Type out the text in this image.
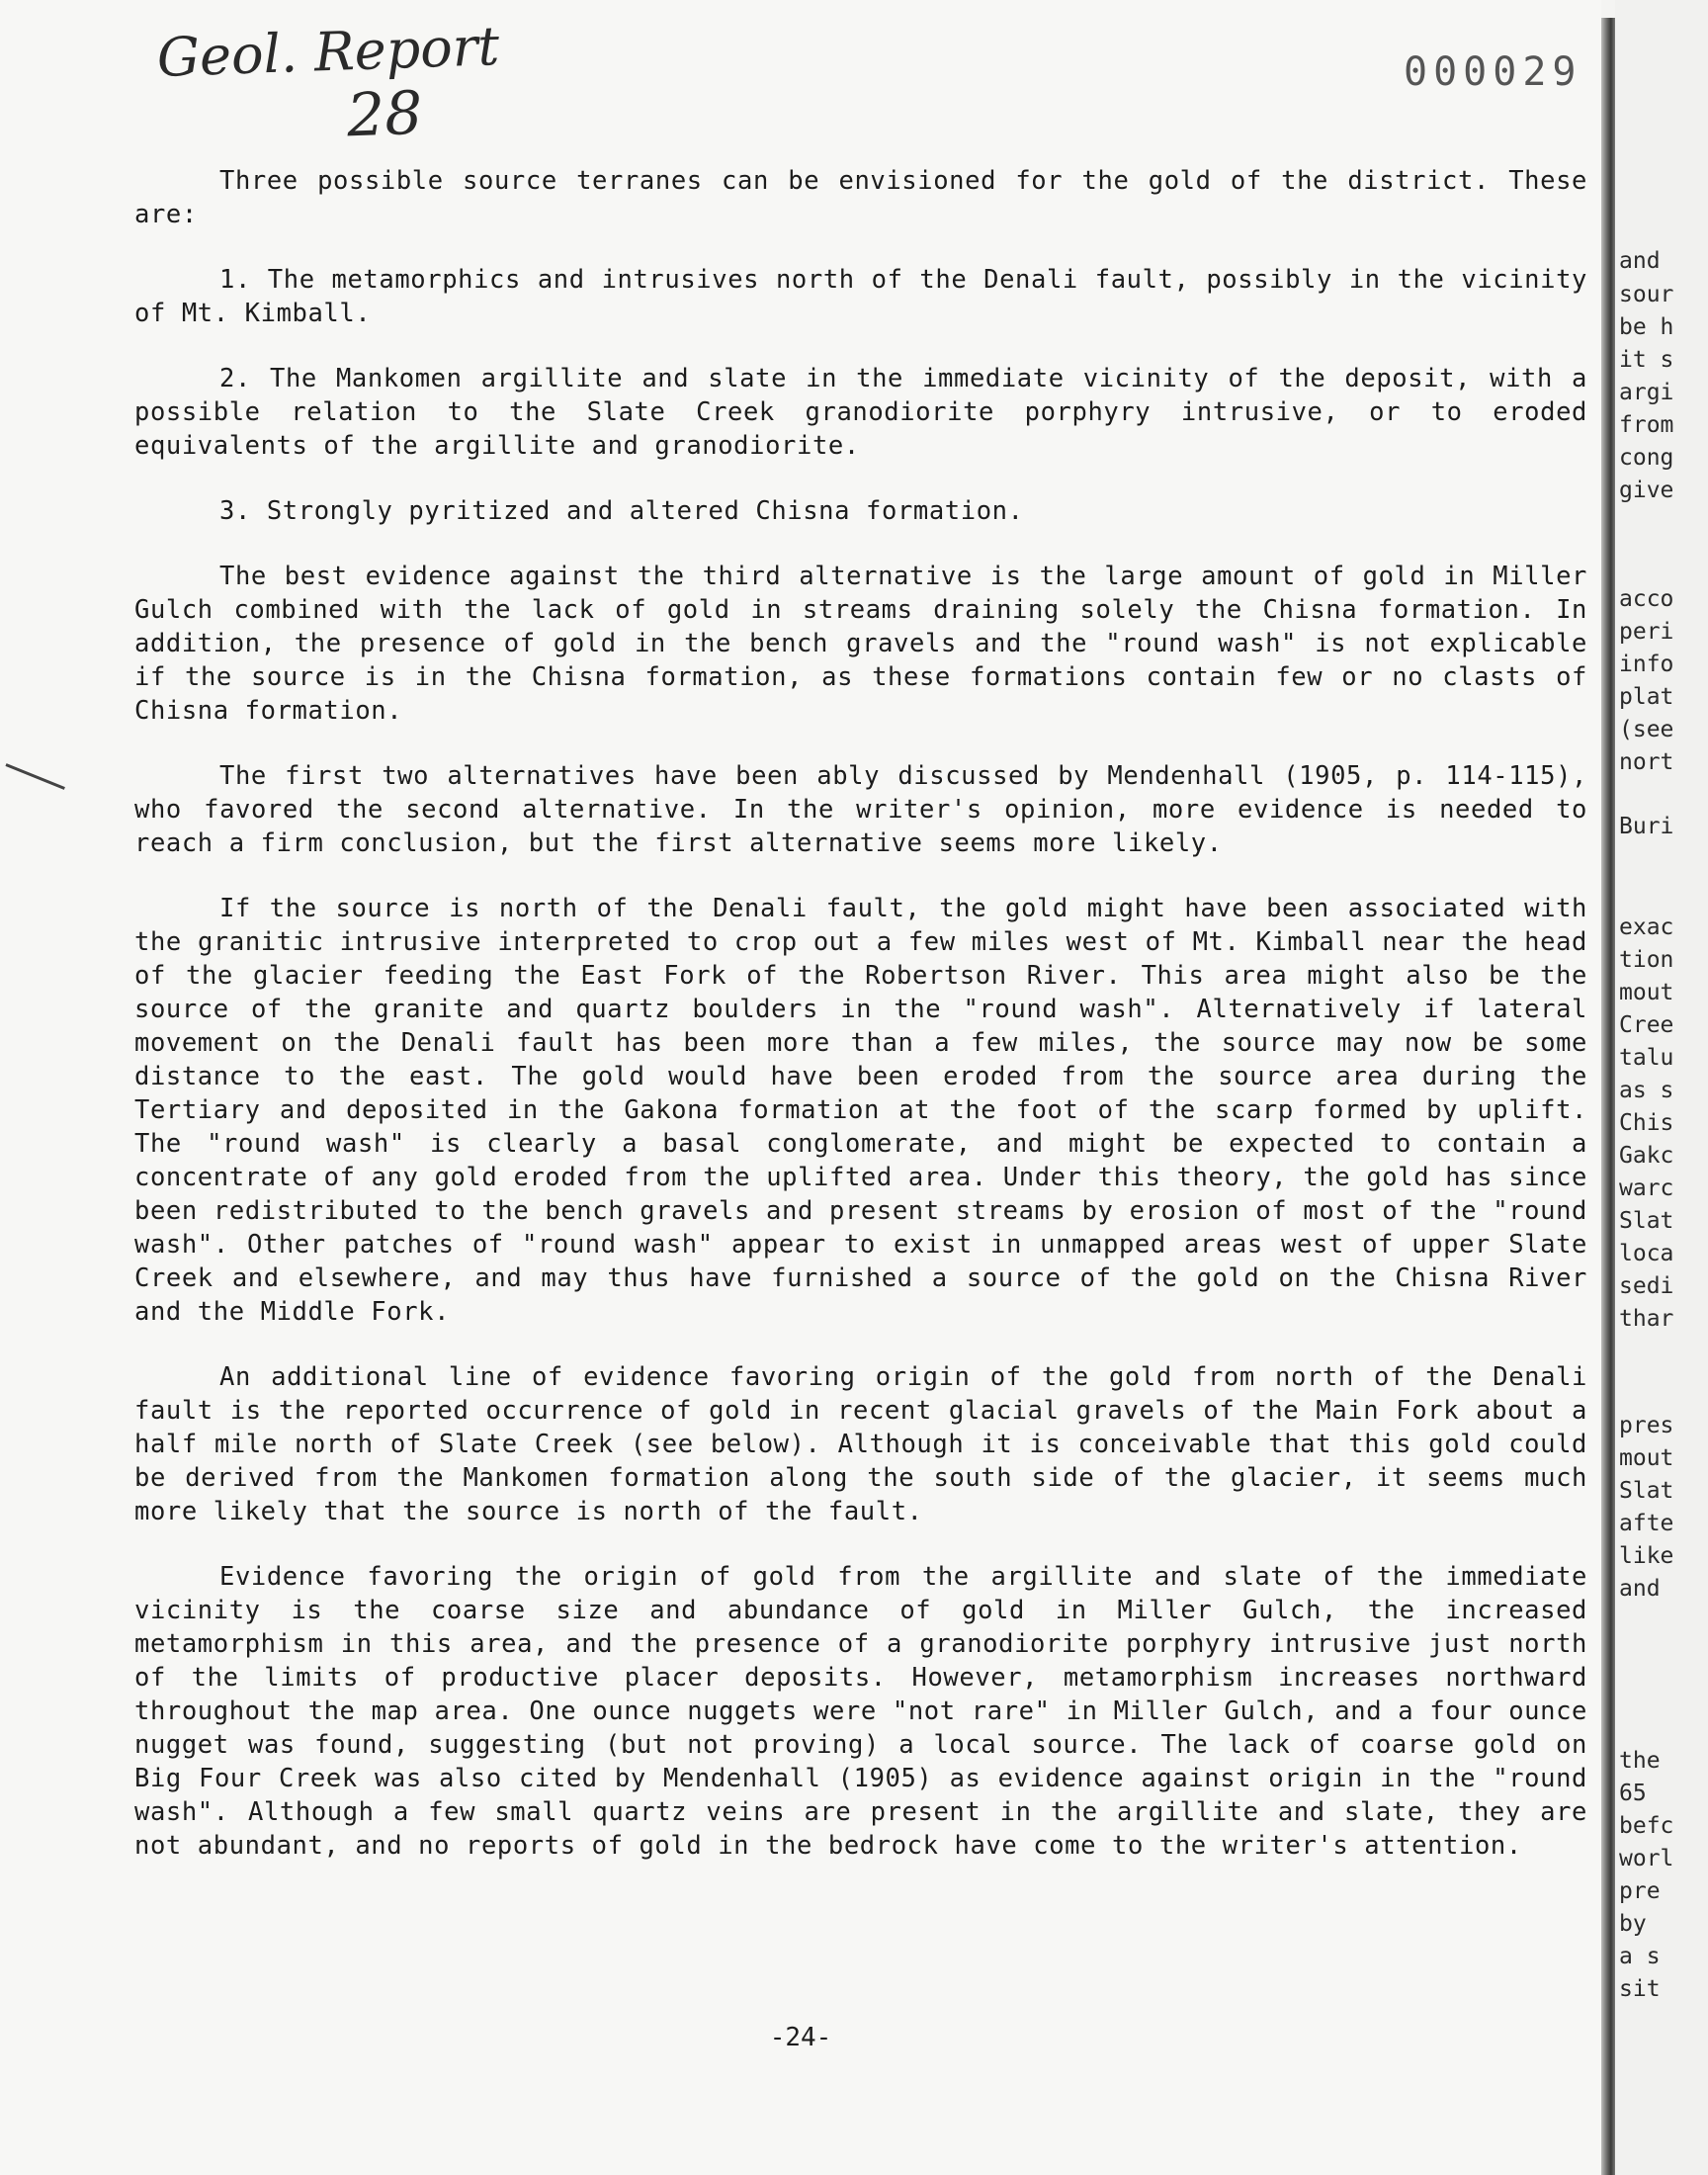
Geol. Report
28
000029

Three possible source terranes can be envisioned for the gold of the district. These are:

1. The metamorphics and intrusives north of the Denali fault, possibly in the vicinity of Mt. Kimball.

2. The Mankomen argillite and slate in the immediate vicinity of the deposit, with a possible relation to the Slate Creek granodiorite porphyry intrusive, or to eroded equivalents of the argillite and granodiorite.

3. Strongly pyritized and altered Chisna formation.

The best evidence against the third alternative is the large amount of gold in Miller Gulch combined with the lack of gold in streams draining solely the Chisna formation. In addition, the presence of gold in the bench gravels and the "round wash" is not explicable if the source is in the Chisna formation, as these formations contain few or no clasts of Chisna formation.

The first two alternatives have been ably discussed by Mendenhall (1905, p. 114-115), who favored the second alternative. In the writer's opinion, more evidence is needed to reach a firm conclusion, but the first alternative seems more likely.

If the source is north of the Denali fault, the gold might have been associated with the granitic intrusive interpreted to crop out a few miles west of Mt. Kimball near the head of the glacier feeding the East Fork of the Robertson River. This area might also be the source of the granite and quartz boulders in the "round wash". Alternatively if lateral movement on the Denali fault has been more than a few miles, the source may now be some distance to the east. The gold would have been eroded from the source area during the Tertiary and deposited in the Gakona formation at the foot of the scarp formed by uplift. The "round wash" is clearly a basal conglomerate, and might be expected to contain a concentrate of any gold eroded from the uplifted area. Under this theory, the gold has since been redistributed to the bench gravels and present streams by erosion of most of the "round wash". Other patches of "round wash" appear to exist in unmapped areas west of upper Slate Creek and elsewhere, and may thus have furnished a source of the gold on the Chisna River and the Middle Fork.

An additional line of evidence favoring origin of the gold from north of the Denali fault is the reported occurrence of gold in recent glacial gravels of the Main Fork about a half mile north of Slate Creek (see below). Although it is conceivable that this gold could be derived from the Mankomen formation along the south side of the glacier, it seems much more likely that the source is north of the fault.

Evidence favoring the origin of gold from the argillite and slate of the immediate vicinity is the coarse size and abundance of gold in Miller Gulch, the increased metamorphism in this area, and the presence of a granodiorite porphyry intrusive just north of the limits of productive placer deposits. However, metamorphism increases northward throughout the map area. One ounce nuggets were "not rare" in Miller Gulch, and a four ounce nugget was found, suggesting (but not proving) a local source. The lack of coarse gold on Big Four Creek was also cited by Mendenhall (1905) as evidence against origin in the "round wash". Although a few small quartz veins are present in the argillite and slate, they are not abundant, and no reports of gold in the bedrock have come to the writer's attention.

-24-
and
sour
be h
it s
argi
from
cong
give
acco
peri
info
plat
(see
nort
Buri
exac
tion
mout
Cree
talu
as s
Chis
Gakc
warc
Slat
loca
sedi
thar
pres
mout
Slat
afte
like
and
the
65
befc
worl
pre
by
a s
sit
